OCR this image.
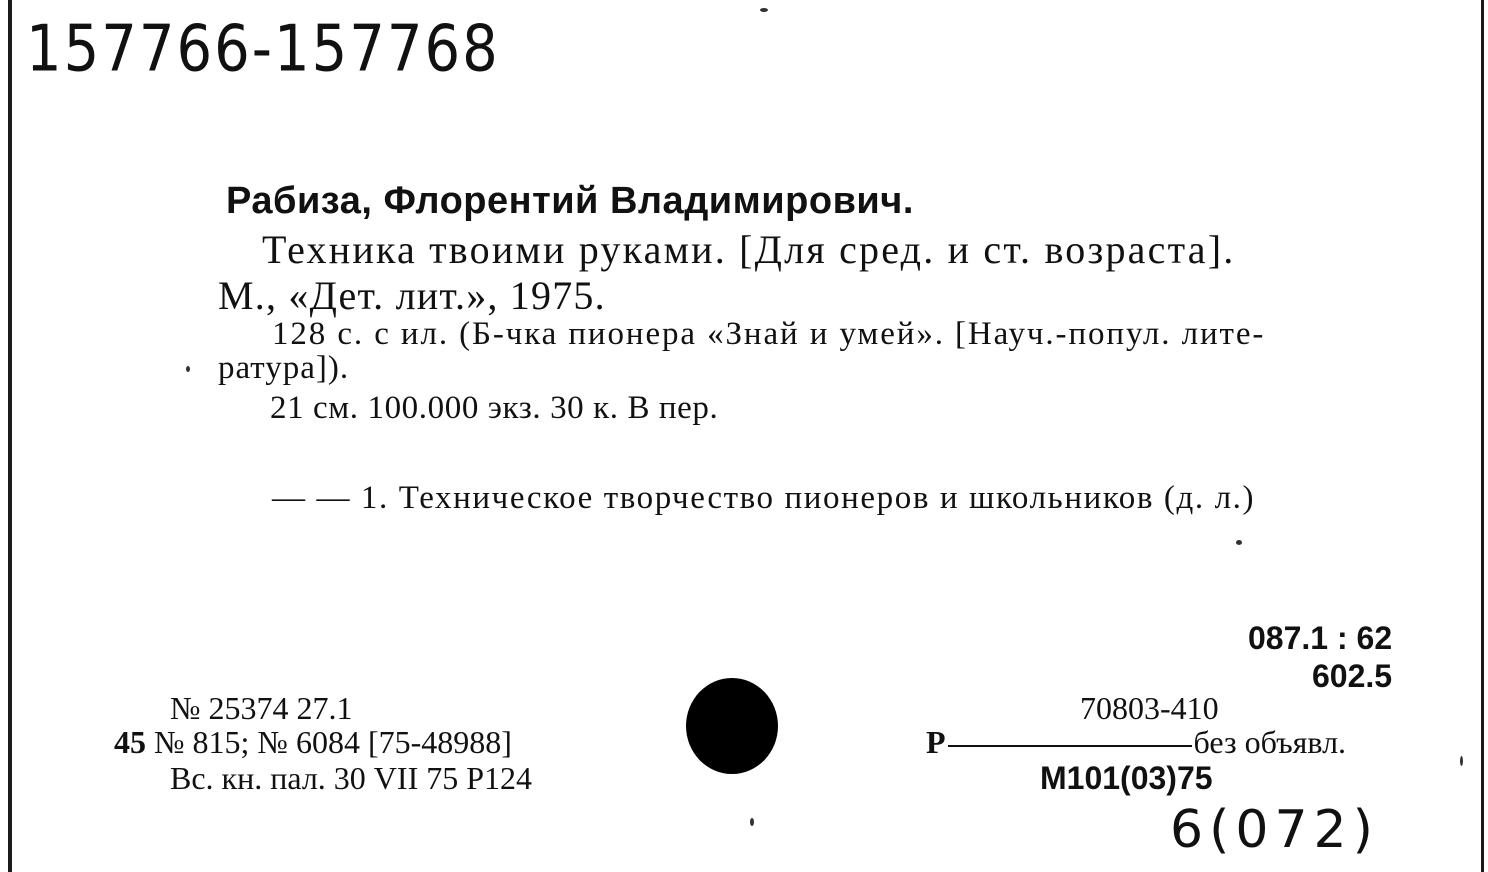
157766-157768
Рабиза, Флорентий Владимирович.
Техника твоими руками. [Для сред. и ст. возраста].
М., «Дет. лит.», 1975.
128 с. с ил. (Б-чка пионера «Знай и умей». [Науч.-попул. лите-
ратура]).
21 см. 100.000 экз. 30 к. В пер.
— — 1. Техническое творчество пионеров и школьников (д. л.)
087.1 : 62
602.5
№ 25374 27.1
45 № 815; № 6084 [75-48988]
Вс. кн. пал. 30 VII 75 Р124
70803-410
Р	без объявл.
М101(03)75
6(072)
